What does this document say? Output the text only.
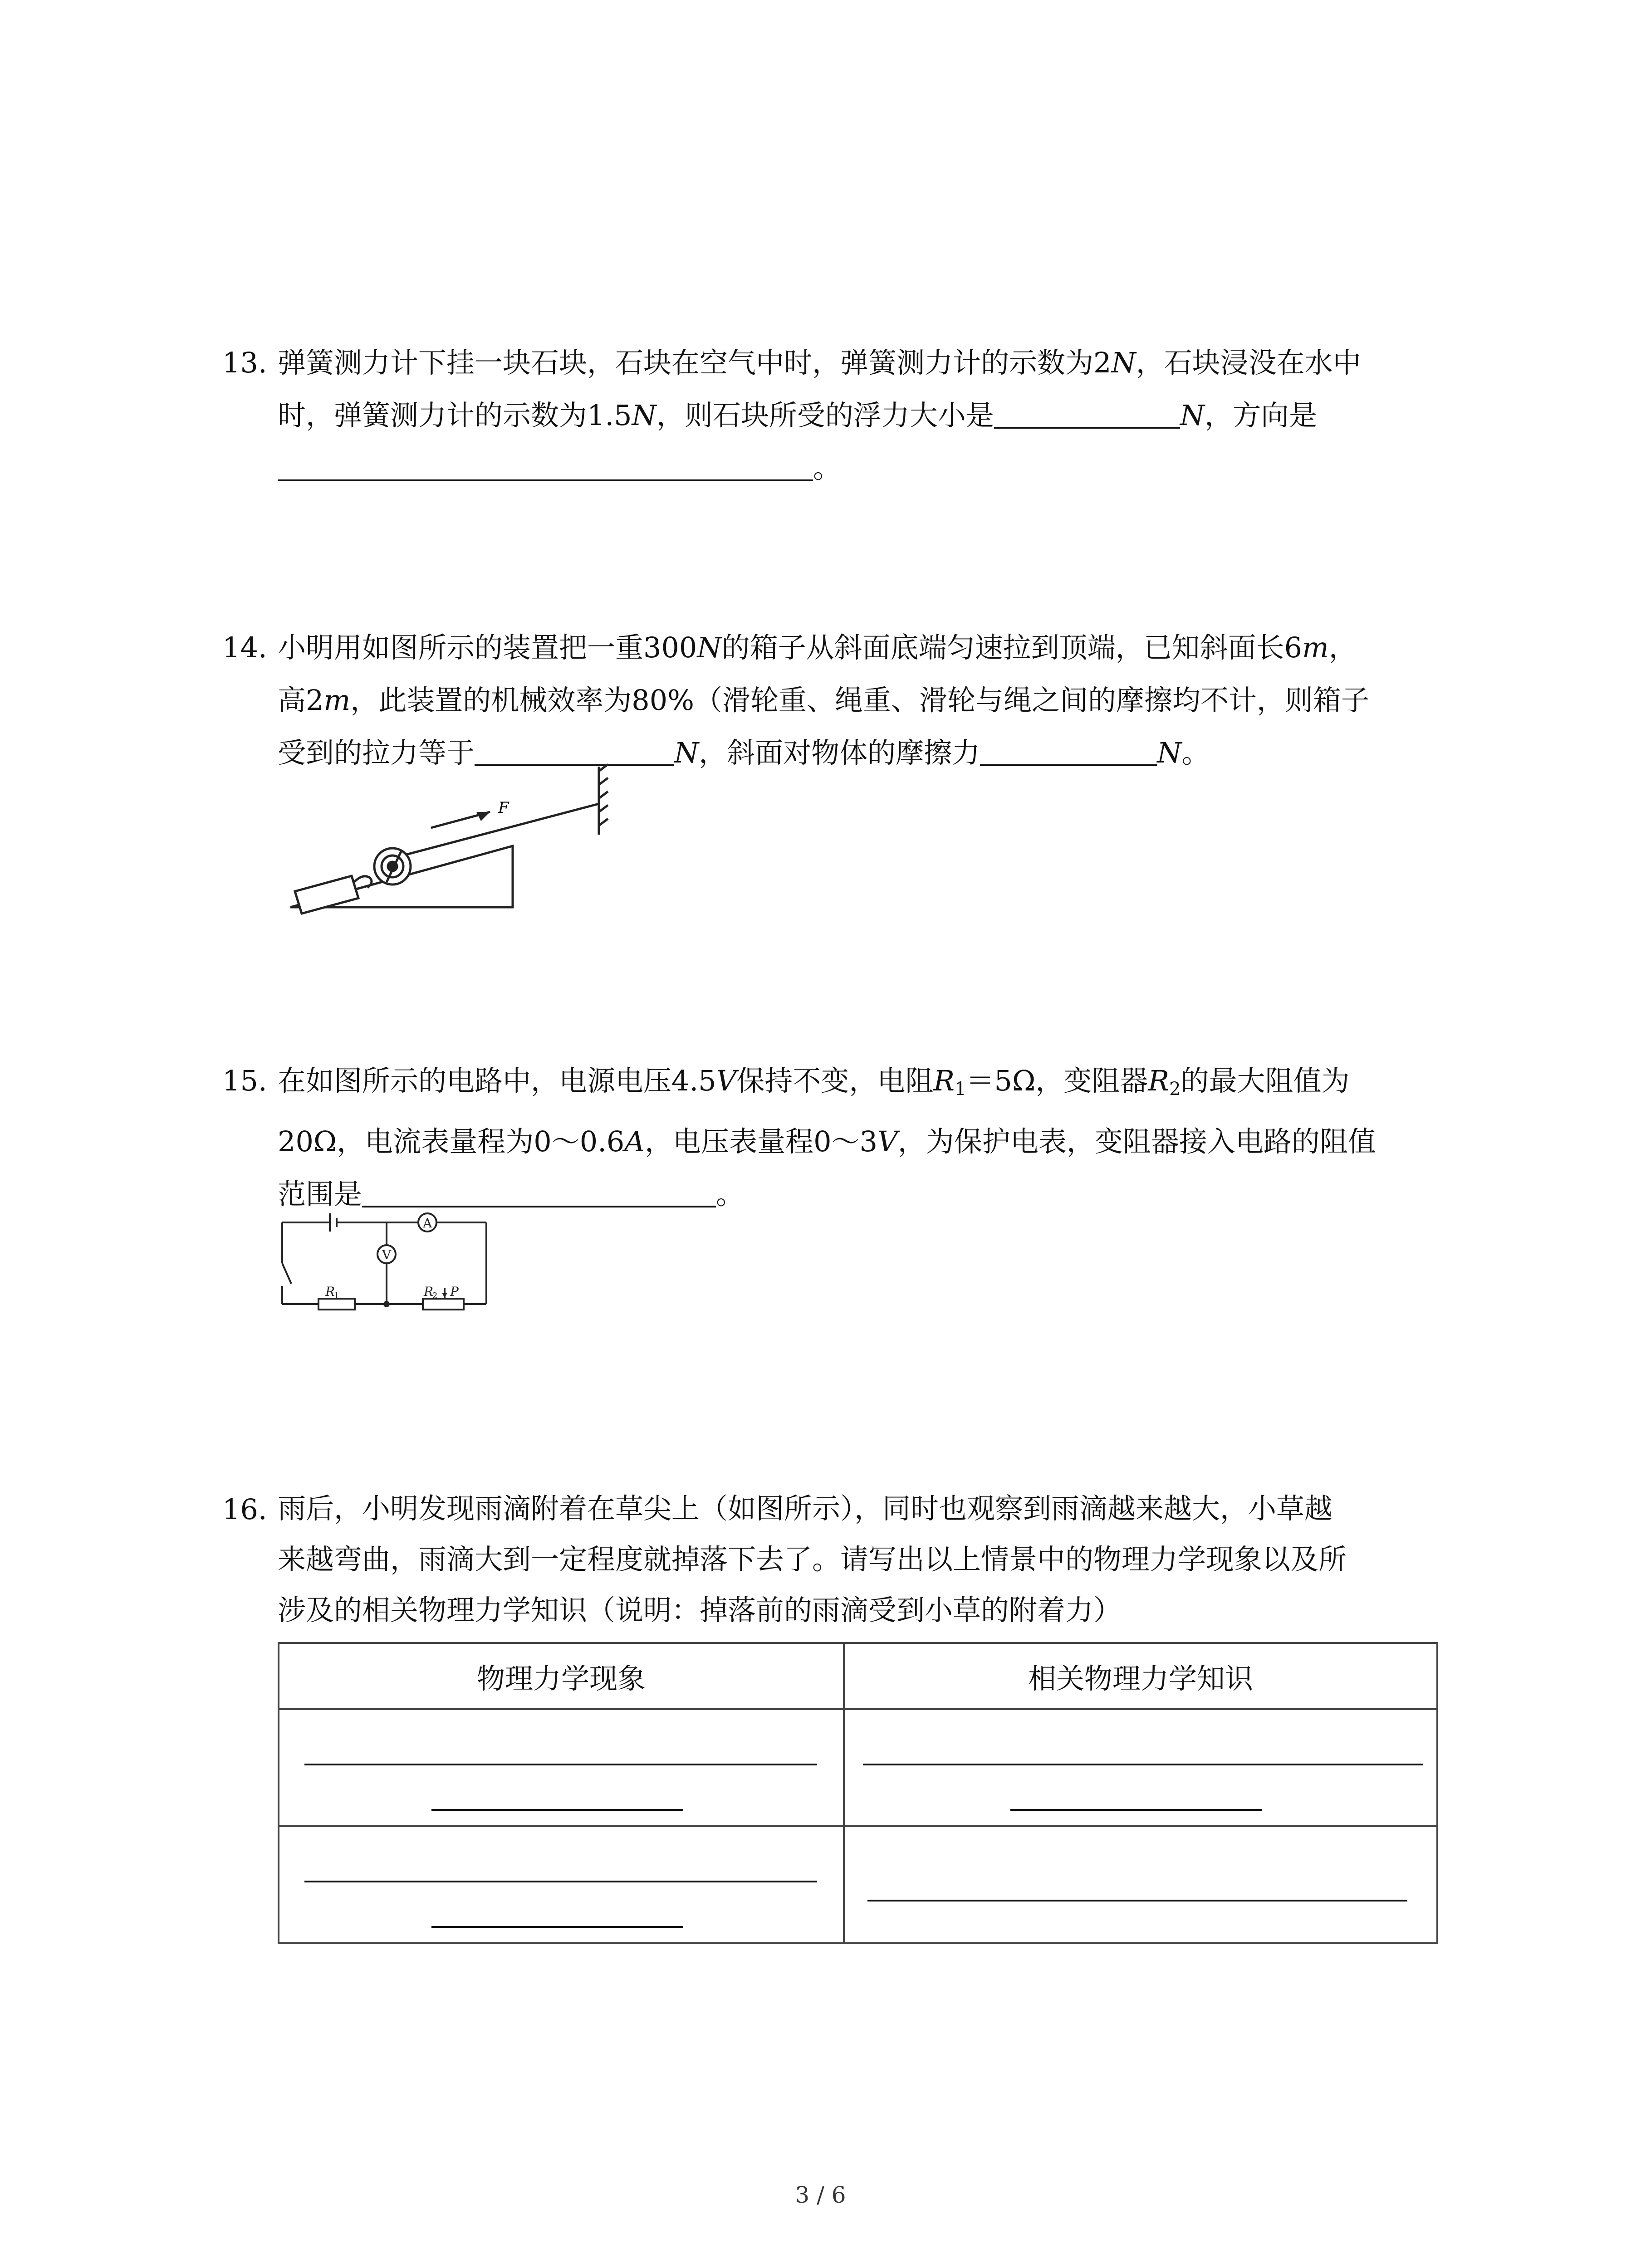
13. 弹簧测力计下挂一块石块，石块在空气中时，弹簧测力计的示数为2N，石块浸没在水中
时，弹簧测力计的示数为1.5N，则石块所受的浮力大小是	N，方向是
。
14. 小明用如图所示的装置把一重300N的箱子从斜面底端匀速拉到顶端，已知斜面长6m，
高2m，此装置的机械效率为80%（滑轮重、绳重、滑轮与绳之间的摩擦均不计，则箱子
受到的拉力等于	N，斜面对物体的摩擦力	N。
F
15. 在如图所示的电路中，电源电压4.5V保持不变，电阻$R_1=5\Omega$，变阻器$R_2$的最大阻值为
20Ω，电流表量程为0～0.6A，电压表量程0～3V，为保护电表，变阻器接入电路的阻值
范围是	。
A
V
R
1	R
2 P
16. 雨后，小明发现雨滴附着在草尖上（如图所示），同时也观察到雨滴越来越大，小草越
来越弯曲，雨滴大到一定程度就掉落下去了。请写出以上情景中的物理力学现象以及所
涉及的相关物理力学知识（说明：掉落前的雨滴受到小草的附着力）
物理力学现象	相关物理力学知识

3 / 6
